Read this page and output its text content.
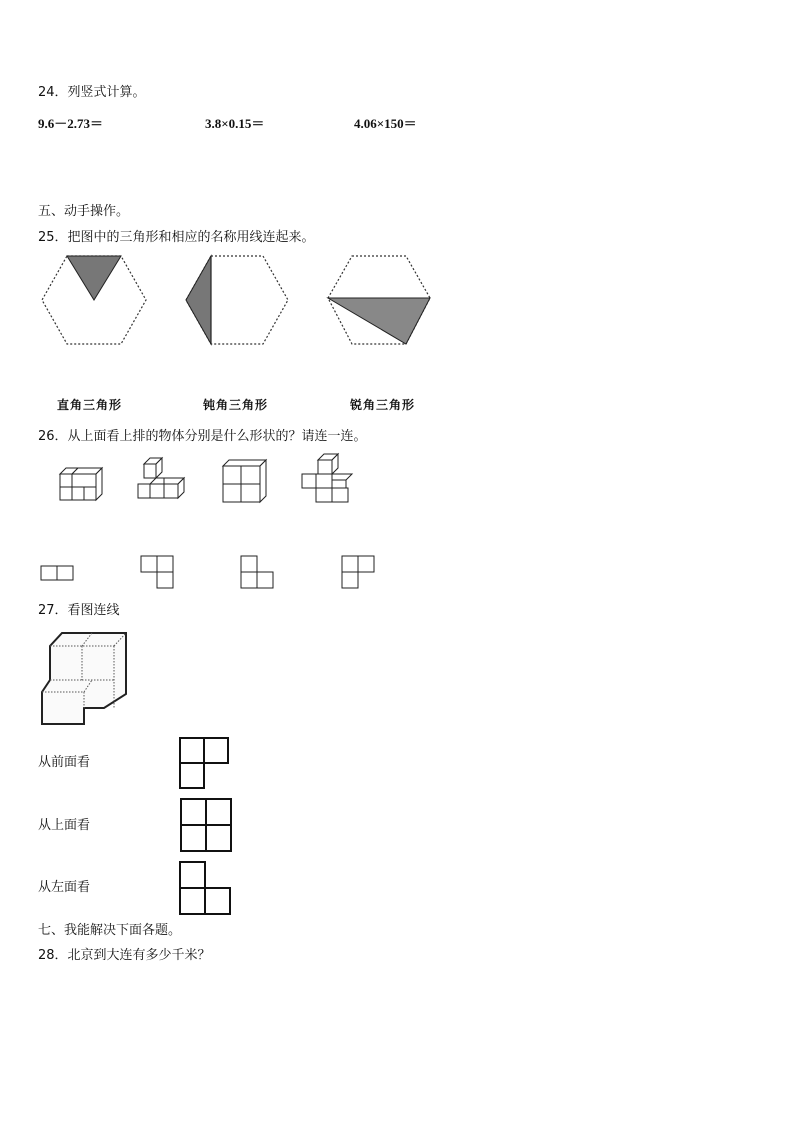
24．列竖式计算。
9.6－2.73＝	3.8×0.15＝	4.06×150＝
五、动手操作。
25．把图中的三角形和相应的名称用线连起来。
直角三角形	钝角三角形	锐角三角形
26．从上面看上排的物体分别是什么形状的？请连一连。
27．看图连线
从前面看
从上面看
从左面看
七、我能解决下面各题。
28．北京到大连有多少千米？
